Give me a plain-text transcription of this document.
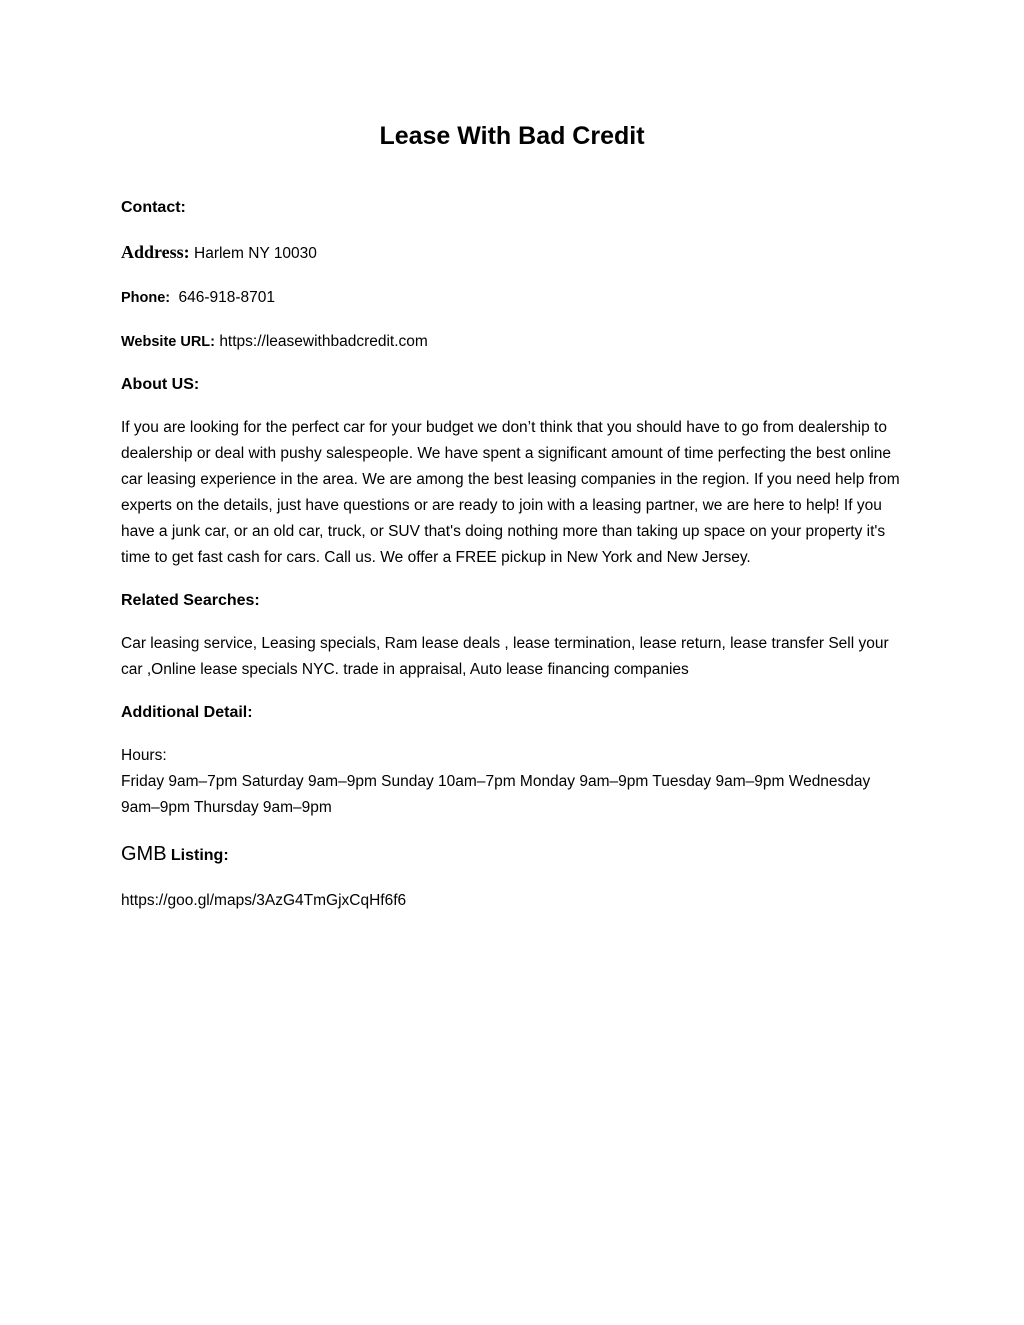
Lease With Bad Credit

Contact:

Address: Harlem NY 10030

Phone: 646-918-8701

Website URL: https://leasewithbadcredit.com

About US:

If you are looking for the perfect car for your budget we don’t think that you should have to go from dealership to dealership or deal with pushy salespeople. We have spent a significant amount of time perfecting the best online car leasing experience in the area. We are among the best leasing companies in the region. If you need help from experts on the details, just have questions or are ready to join with a leasing partner, we are here to help! If you have a junk car, or an old car, truck, or SUV that's doing nothing more than taking up space on your property it's time to get fast cash for cars. Call us. We offer a FREE pickup in New York and New Jersey.

Related Searches:

Car leasing service, Leasing specials, Ram lease deals , lease termination, lease return, lease transfer Sell your car ,Online lease specials NYC. trade in appraisal, Auto lease financing companies

Additional Detail:

Hours:

Friday 9am–7pm Saturday 9am–9pm Sunday 10am–7pm Monday 9am–9pm Tuesday 9am–9pm Wednesday 9am–9pm Thursday 9am–9pm

GMB Listing:

https://goo.gl/maps/3AzG4TmGjxCqHf6f6
